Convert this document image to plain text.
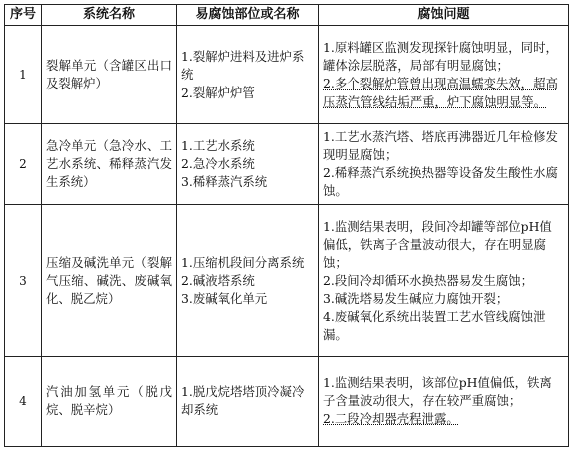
序号	系统名称	易腐蚀部位或名称	腐蚀问题
1	裂解单元（含罐区出口及裂解炉）	1.裂解炉进料及进炉系统
2.裂解炉炉管	1.原料罐区监测发现探针腐蚀明显，同时，罐体涂层脱落，局部有明显腐蚀；
2.多个裂解炉管曾出现高温蠕变失效，超高压蒸汽管线结垢严重，炉下腐蚀明显等。

2	急冷单元（急冷水、工艺水系统、稀释蒸汽发生系统）	1.工艺水系统
2.急冷水系统
3.稀释蒸汽系统	1.工艺水蒸汽塔、塔底再沸器近几年检修发现明显腐蚀；
2.稀释蒸汽系统换热器等设备发生酸性水腐蚀。

3	压缩及碱洗单元（裂解气压缩、碱洗、废碱氧化、脱乙烷）	1.压缩机段间分离系统
2.碱液塔系统
3.废碱氧化单元	1.监测结果表明，段间冷却罐等部位pH值偏低，铁离子含量波动很大，存在明显腐蚀；
2.段间冷却循环水换热器易发生腐蚀；
3.碱洗塔易发生碱应力腐蚀开裂；
4.废碱氧化系统出装置工艺水管线腐蚀泄漏。

4	汽油加氢单元（脱戊烷、脱辛烷）	1.脱戊烷塔塔顶冷凝冷却系统	1.监测结果表明，该部位pH值偏低，铁离子含量波动很大，存在较严重腐蚀；
2.二段冷却器壳程泄露。
